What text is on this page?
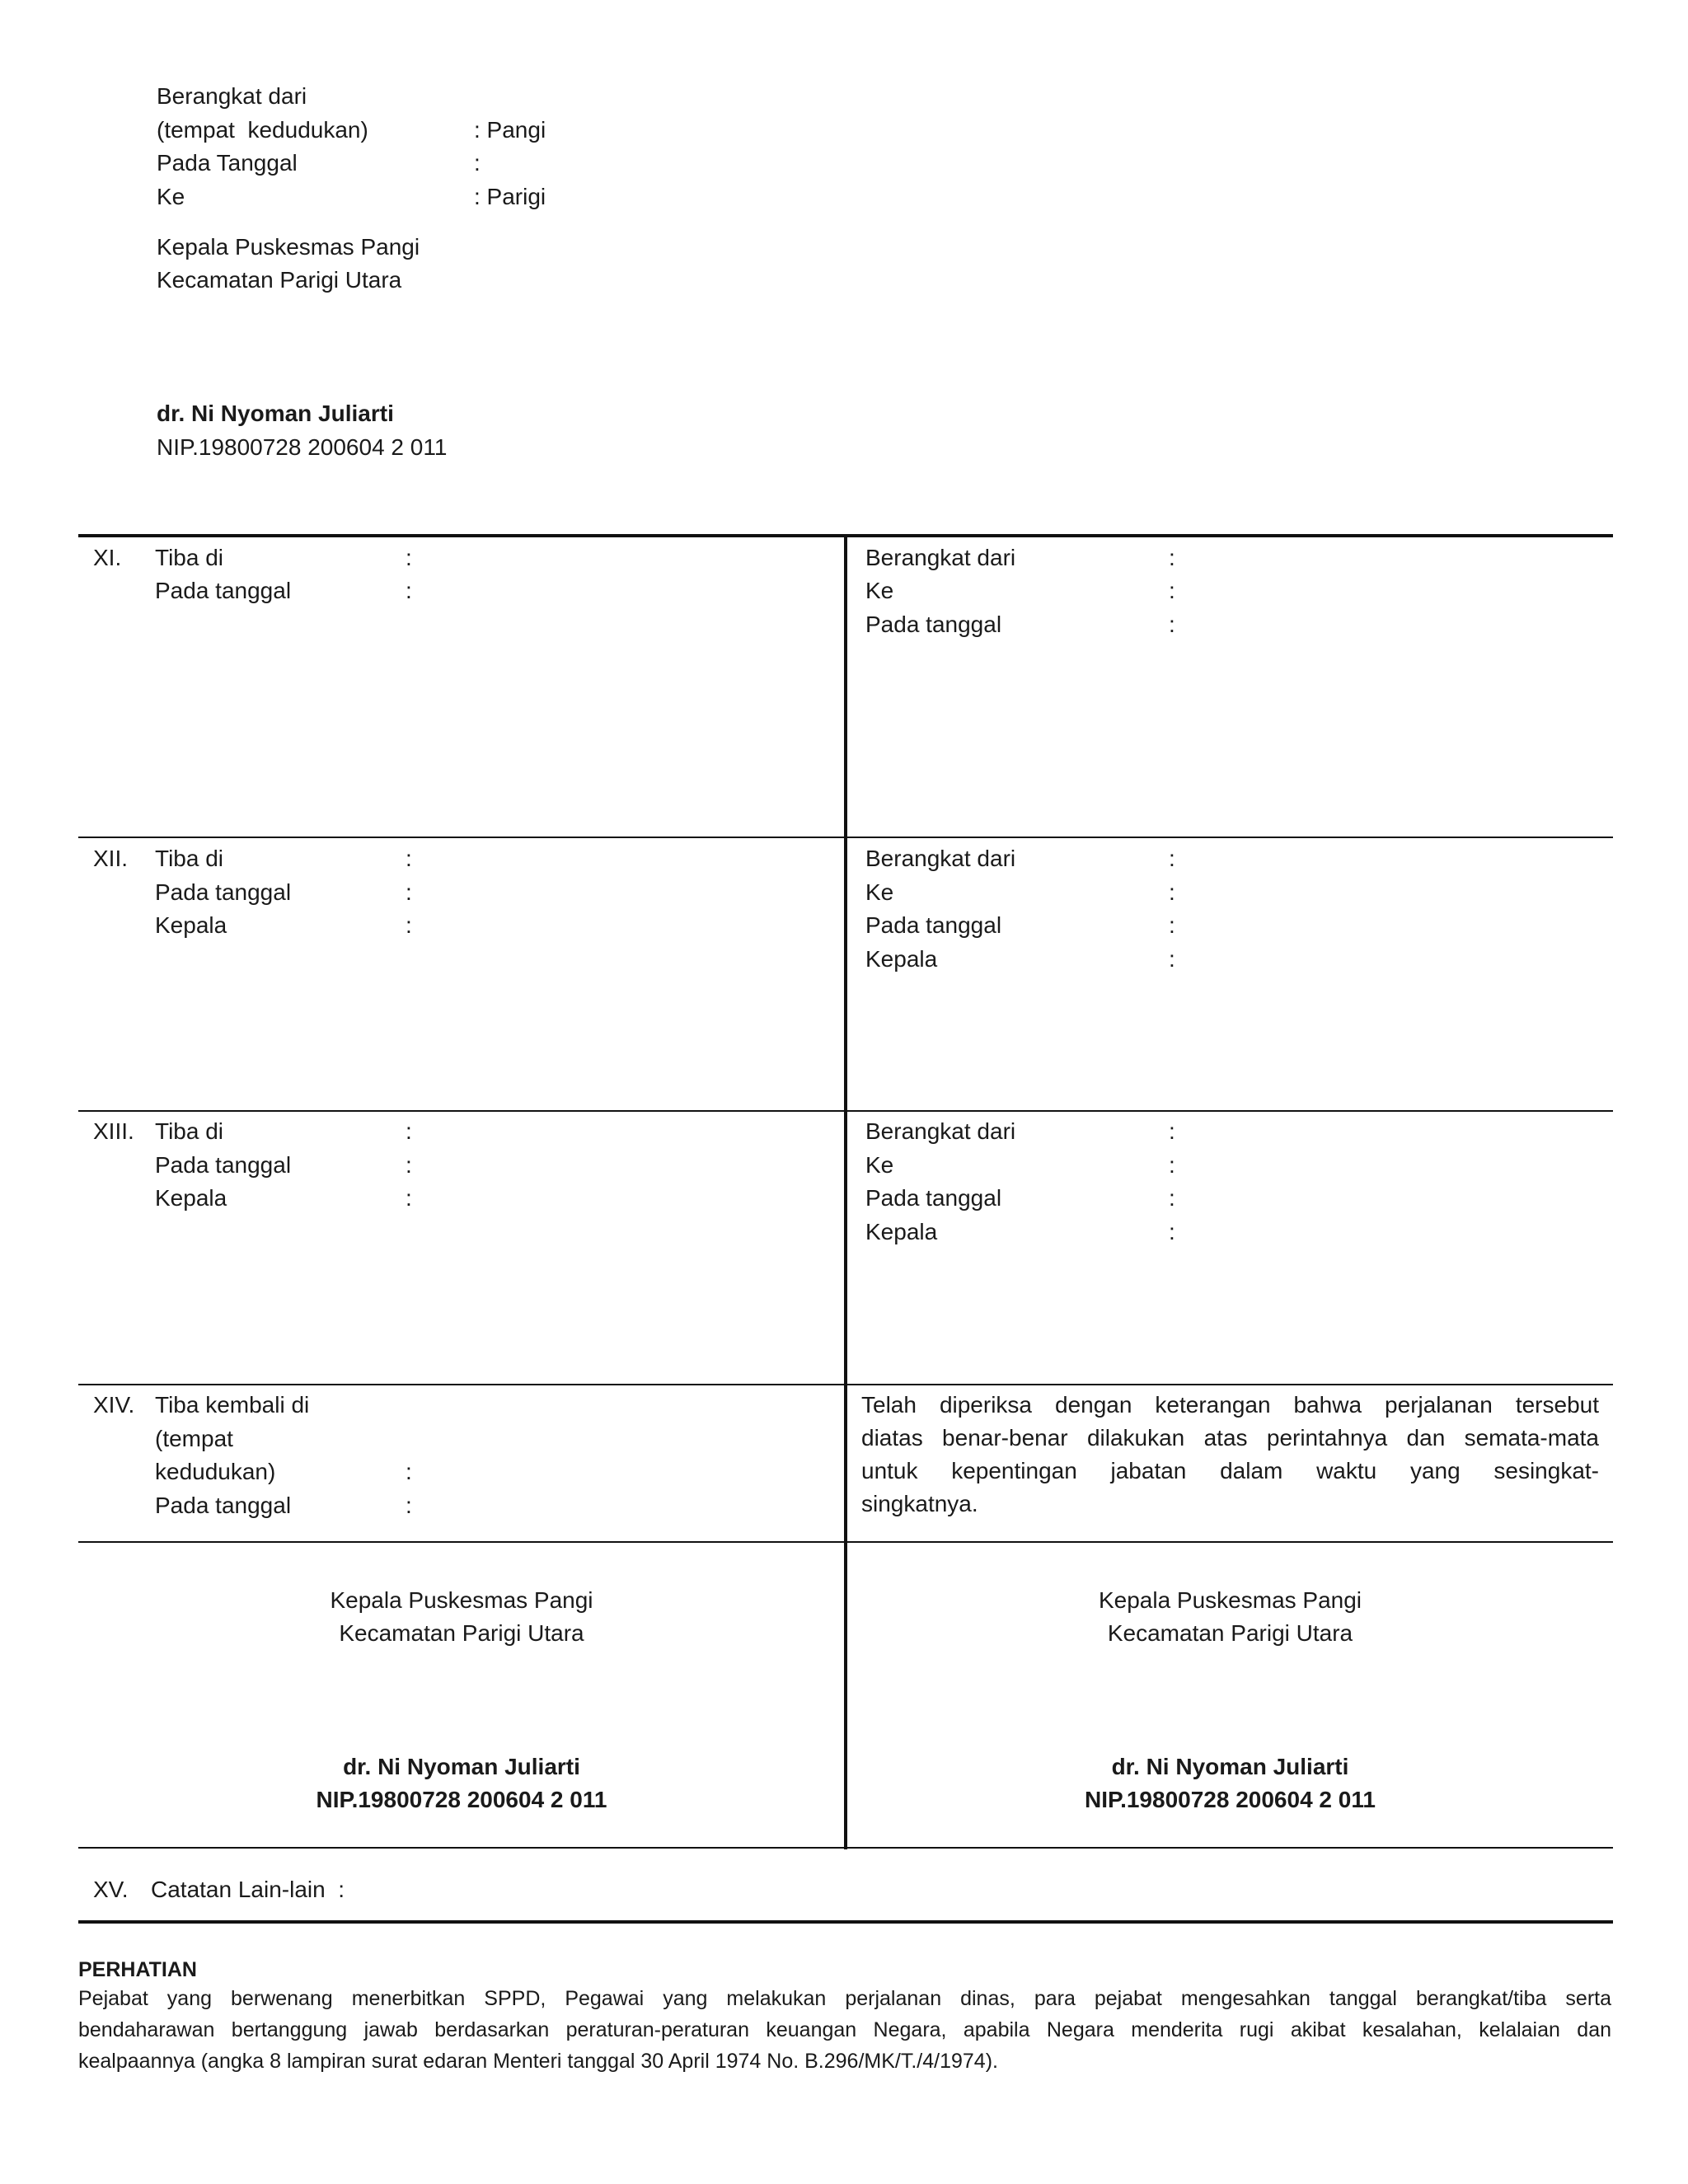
Berangkat dari
(tempat  kedudukan)	: Pangi
Pada Tanggal	:
Ke	: Parigi
Kepala Puskesmas Pangi
Kecamatan Parigi Utara
dr. Ni Nyoman Juliarti
NIP.19800728 200604 2 011
XI. Tiba di	:
Pada tanggal	:
Berangkat dari	:
Ke	:
Pada tanggal	:
XII. Tiba di	:
Pada tanggal	:
Kepala	:
Berangkat dari	:
Ke	:
Pada tanggal	:
Kepala	:
XIII. Tiba di	:
Pada tanggal	:
Kepala	:
Berangkat dari	:
Ke	:
Pada tanggal	:
Kepala	:
XIV. Tiba kembali di
(tempat
kedudukan)	:
Pada tanggal	:
Telah diperiksa dengan keterangan bahwa perjalanan tersebut
diatas benar-benar dilakukan atas perintahnya dan semata-mata
untuk kepentingan jabatan dalam waktu yang sesingkat-
singkatnya.
Kepala Puskesmas Pangi
Kecamatan Parigi Utara
dr. Ni Nyoman Juliarti
NIP.19800728 200604 2 011
Kepala Puskesmas Pangi
Kecamatan Parigi Utara
dr. Ni Nyoman Juliarti
NIP.19800728 200604 2 011
XV. Catatan Lain-lain  :
PERHATIAN
Pejabat yang berwenang menerbitkan SPPD, Pegawai yang melakukan perjalanan dinas, para pejabat mengesahkan tanggal berangkat/tiba serta
bendaharawan bertanggung jawab berdasarkan peraturan-peraturan keuangan Negara, apabila Negara menderita rugi akibat kesalahan, kelalaian dan
kealpaannya (angka 8 lampiran surat edaran Menteri tanggal 30 April 1974 No. B.296/MK/T./4/1974).
